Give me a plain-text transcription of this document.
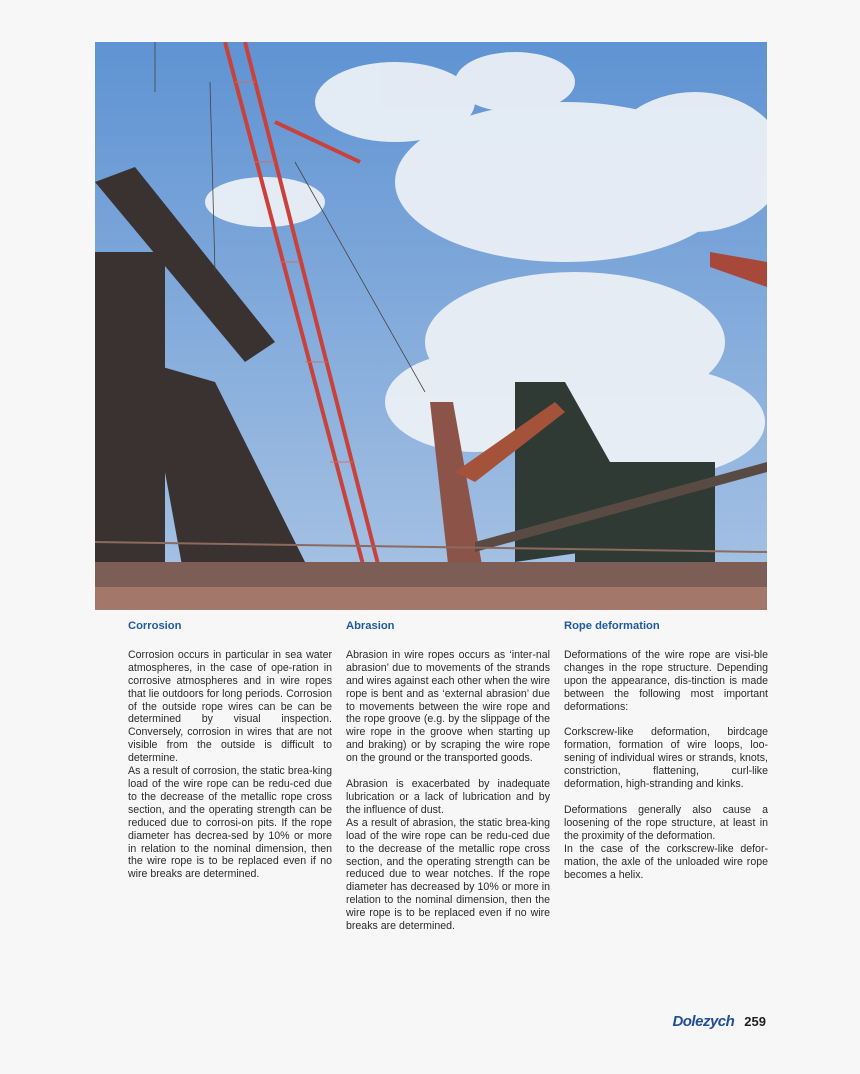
Corrosion

Corrosion occurs in particular in sea water atmospheres, in the case of ope-ration in corrosive atmospheres and in wire ropes that lie outdoors for long periods. Corrosion of the outside rope wires can be can be determined by visual inspection. Conversely, corrosion in wires that are not visible from the outside is difficult to determine.

As a result of corrosion, the static brea-king load of the wire rope can be redu-ced due to the decrease of the metallic rope cross section, and the operating strength can be reduced due to corrosi-on pits. If the rope diameter has decrea-sed by 10% or more in relation to the nominal dimension, then the wire rope is to be replaced even if no wire breaks are determined.

Abrasion

Abrasion in wire ropes occurs as ‘inter-nal abrasion’ due to movements of the strands and wires against each other when the wire rope is bent and as ‘external abrasion’ due to movements between the wire rope and the rope groove (e.g. by the slippage of the wire rope in the groove when starting up and braking) or by scraping the wire rope on the ground or the transported goods.

Abrasion is exacerbated by inadequate lubrication or a lack of lubrication and by the influence of dust.

As a result of abrasion, the static brea-king load of the wire rope can be redu-ced due to the decrease of the metallic rope cross section, and the operating strength can be reduced due to wear notches. If the rope diameter has decreased by 10% or more in relation to the nominal dimension, then the wire rope is to be replaced even if no wire breaks are determined.

Rope deformation

Deformations of the wire rope are visi-ble changes in the rope structure. Depending upon the appearance, dis-tinction is made between the following most important deformations:

Corkscrew-like deformation, birdcage formation, formation of wire loops, loo-sening of individual wires or strands, knots, constriction, flattening, curl-like deformation, high-stranding and kinks.

Deformations generally also cause a loosening of the rope structure, at least in the proximity of the deformation.

In the case of the corkscrew-like defor-mation, the axle of the unloaded wire rope becomes a helix.

Dolezych 259
